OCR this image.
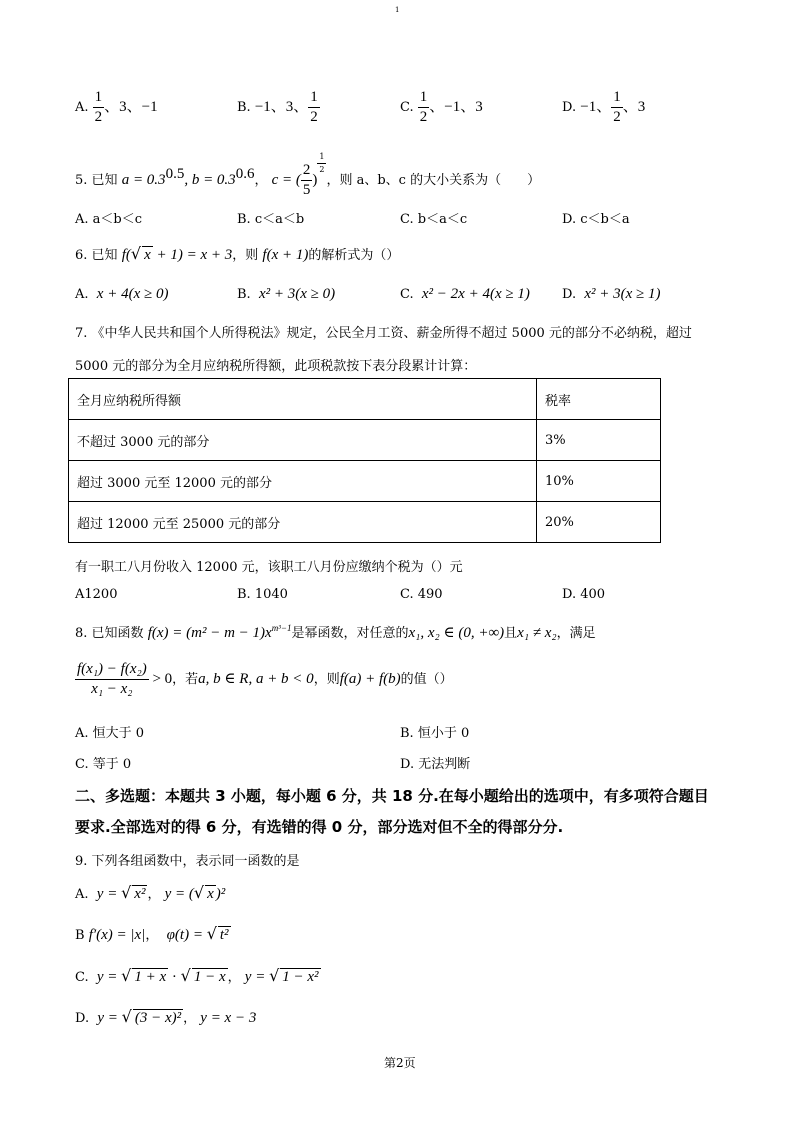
1
A. $\frac{1}{2}$ 、3、−1	B. −1、3、 $\frac{1}{2}$	C. $\frac{1}{2}$ 、−1、3	D. −1、 $\frac{1}{2}$ 、3
5. 已知 $a = 0.3^{0.5}$, $b = 0.3^{0.6}$， c = ( $\frac{2}{5}$ )
$\frac{1}{2}$
，则 a、b、c 的大小关系为（　　）
A. a＜b＜c	B. c＜a＜b	C. b＜a＜c	D. c＜b＜a
6. 已知 f(√ x + 1) = x + 3，则 f(x + 1)的解析式为（）
A. x + 4(x ≥ 0)	B. x² + 3(x ≥ 0)	C. x² − 2x + 4(x ≥ 1) D. x² + 3(x ≥ 1)
7. 《中华人民共和国个人所得税法》规定，公民全月工资、薪金所得不超过 5000 元的部分不必纳税，超过
5000 元的部分为全月应纳税所得额，此项税款按下表分段累计计算：
全月应纳税所得额	税率
不超过 3000 元的部分	3%
超过 3000 元至 12000 元的部分	10%
超过 12000 元至 25000 元的部分	20%
有一职工八月份收入 12000 元，该职工八月份应缴纳个税为（）元
A1200	B. 1040	C. 490	D. 400
8. 已知函数 $f(x) = (m^2 - m - 1)x^{m^3-1}$是幂函数，对任意的x₁, x₂ ∈ (0, +∞)且x₁ ≠ x₂，满足
$\frac{\text{f(x₁) − f(x₂)}}{\text{x₁ − x₂}} > 0$，若a, b ∈ R, a + b < 0，则f(a) + f(b)的值（）
A. 恒大于 0	B. 恒小于 0
C. 等于 0	D. 无法判断
二、多选题：本题共 3 小题，每小题 6 分，共 18 分.在每小题给出的选项中，有多项符合题目
要求.全部选对的得 6 分，有选错的得 0 分，部分选对但不全的得部分分.
9. 下列各组函数中，表示同一函数的是
A. y = √ x² ， y = (√ x )²
B f′(x) = |x|， φ(t) = √ t²
C. y = √ 1 + x · √ 1 − x ， y = √ 1 − x²
D. y = √ (3 − x)² ， y = x − 3
第2页
